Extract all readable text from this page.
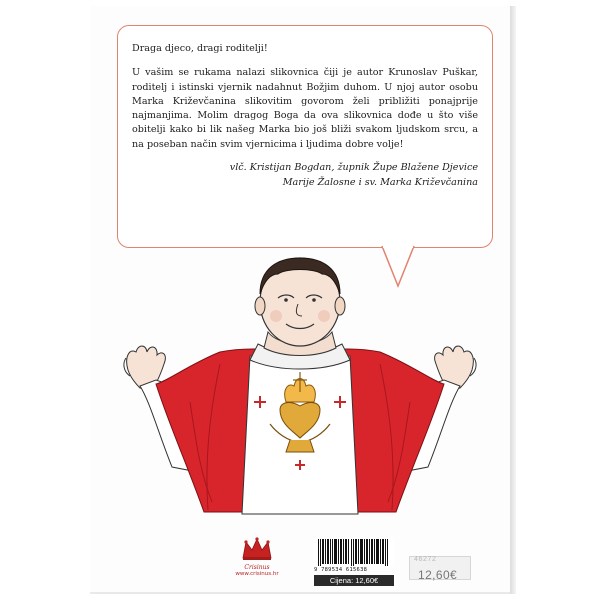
Draga djeco, dragi roditelji!

U vašim se rukama nalazi slikovnica čiji je autor Krunoslav Puškar, roditelj i istinski vjernik nadahnut Božjim duhom. U njoj autor osobu Marka Križevčanina slikovitim govorom želi približiti ponajprije najmanjima. Molim dragog Boga da ova slikovnica dođe u što više obitelji kako bi lik našeg Marka bio još bliži svakom ljudskom srcu, a na poseban način svim vjernicima i ljudima dobre volje!

vlč. Kristijan Bogdan, župnik Župe Blažene Djevice
Marije Žalosne i sv. Marka Križevčanina

Crisinus
www.crisinus.hr
9 789534 615638
Cijena: 12,60€
46272
12,60€
